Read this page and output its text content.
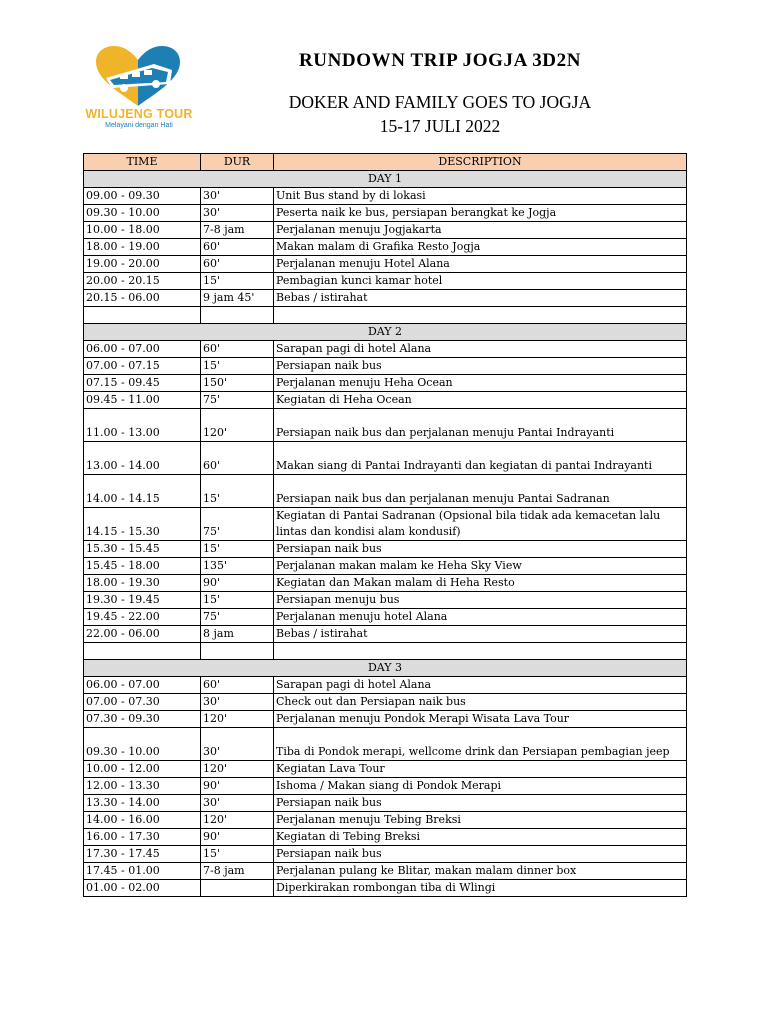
WILUJENG TOUR
Melayani dengan Hati
RUNDOWN TRIP JOGJA 3D2N
DOKER AND FAMILY GOES TO JOGJA
15-17 JULI 2022
TIME	DUR	DESCRIPTION
DAY 1		
09.00 - 09.30	30'	Unit Bus stand by di lokasi
09.30 - 10.00	30'	Peserta naik ke bus, persiapan berangkat ke Jogja
10.00 - 18.00	7-8 jam	Perjalanan menuju Jogjakarta
18.00 - 19.00	60'	Makan malam di Grafika Resto Jogja
19.00 - 20.00	60'	Perjalanan menuju Hotel Alana
20.00 - 20.15	15'	Pembagian kunci kamar hotel
20.15 - 06.00	9 jam 45'	Bebas / istirahat

DAY 2		
06.00 - 07.00	60'	Sarapan pagi di hotel Alana
07.00 - 07.15	15'	Persiapan naik bus
07.15 - 09.45	150'	Perjalanan menuju Heha Ocean
09.45 - 11.00	75'	Kegiatan di Heha Ocean
11.00 - 13.00	120'	Persiapan naik bus dan perjalanan menuju Pantai Indrayanti
13.00 - 14.00	60'	Makan siang di Pantai Indrayanti dan kegiatan di pantai Indrayanti
14.00 - 14.15	15'	Persiapan naik bus dan perjalanan menuju Pantai Sadranan
14.15 - 15.30	75'	Kegiatan di Pantai Sadranan (Opsional bila tidak ada kemacetan lalu lintas dan kondisi alam kondusif)
15.30 - 15.45	15'	Persiapan naik bus
15.45 - 18.00	135'	Perjalanan makan malam ke Heha Sky View
18.00 - 19.30	90'	Kegiatan dan Makan malam di Heha Resto
19.30 - 19.45	15'	Persiapan menuju bus
19.45 - 22.00	75'	Perjalanan menuju hotel Alana
22.00 - 06.00	8 jam	Bebas / istirahat

DAY 3		
06.00 - 07.00	60'	Sarapan pagi di hotel Alana
07.00 - 07.30	30'	Check out dan Persiapan naik bus
07.30 - 09.30	120'	Perjalanan menuju Pondok Merapi Wisata Lava Tour
09.30 - 10.00	30'	Tiba di Pondok merapi, wellcome drink dan Persiapan pembagian jeep
10.00 - 12.00	120'	Kegiatan Lava Tour
12.00 - 13.30	90'	Ishoma / Makan siang di Pondok Merapi
13.30 - 14.00	30'	Persiapan naik bus
14.00 - 16.00	120'	Perjalanan menuju Tebing Breksi
16.00 - 17.30	90'	Kegiatan di Tebing Breksi
17.30 - 17.45	15'	Persiapan naik bus
17.45 - 01.00	7-8 jam	Perjalanan pulang ke Blitar, makan malam dinner box
01.00 - 02.00		Diperkirakan rombongan tiba di Wlingi
